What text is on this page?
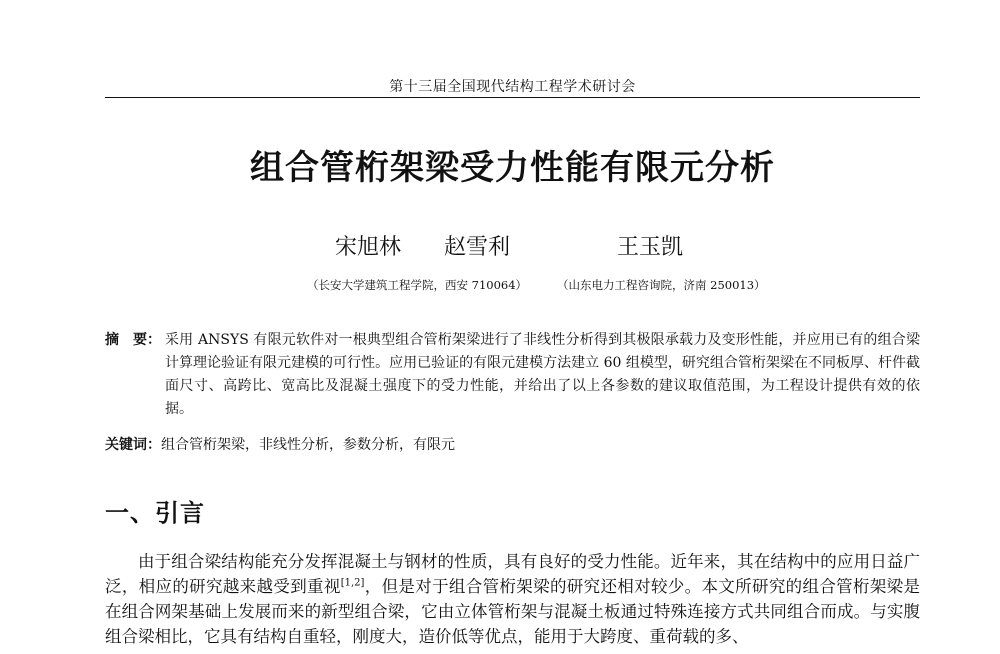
第十三届全国现代结构工程学术研讨会
组合管桁架梁受力性能有限元分析
宋旭林 赵雪利	王玉凯
（长安大学建筑工程学院，西安 710064）	（山东电力工程咨询院，济南 250013）
摘　要： 采用 ANSYS 有限元软件对一根典型组合管桁架梁进行了非线性分析得到其极限承载力及变形性能，并应用已有的组合梁计算理论验证有限元建模的可行性。应用已验证的有限元建模方法建立 60 组模型，研究组合管桁架梁在不同板厚、杆件截面尺寸、高跨比、宽高比及混凝土强度下的受力性能，并给出了以上各参数的建议取值范围，为工程设计提供有效的依据。
关键词：组合管桁架梁，非线性分析，参数分析，有限元
一、引言
由于组合梁结构能充分发挥混凝土与钢材的性质，具有良好的受力性能。近年来，其在结构中的应用日益广泛，相应的研究越来越受到重视[1,2]，但是对于组合管桁架梁的研究还相对较少。本文所研究的组合管桁架梁是在组合网架基础上发展而来的新型组合梁，它由立体管桁架与混凝土板通过特殊连接方式共同组合而成。与实腹组合梁相比，它具有结构自重轻，刚度大，造价低等优点，能用于大跨度、重荷载的多、
